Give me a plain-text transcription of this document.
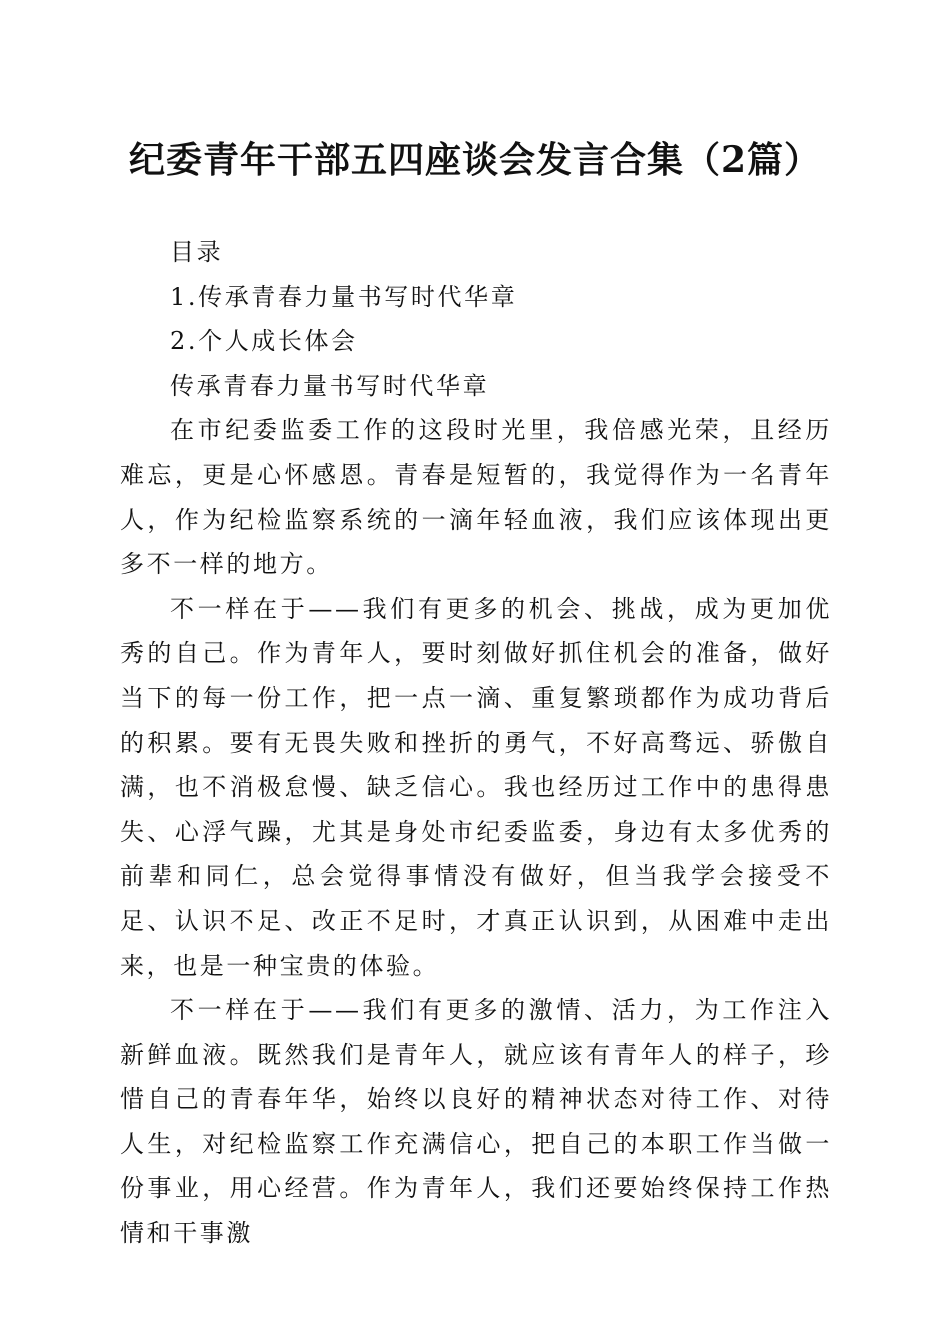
纪委青年干部五四座谈会发言合集（2篇）

目录

1.传承青春力量书写时代华章

2.个人成长体会

传承青春力量书写时代华章

在市纪委监委工作的这段时光里，我倍感光荣，且经历难忘，更是心怀感恩。青春是短暂的，我觉得作为一名青年人，作为纪检监察系统的一滴年轻血液，我们应该体现出更多不一样的地方。

不一样在于——我们有更多的机会、挑战，成为更加优秀的自己。作为青年人，要时刻做好抓住机会的准备，做好当下的每一份工作，把一点一滴、重复繁琐都作为成功背后的积累。要有无畏失败和挫折的勇气，不好高骛远、骄傲自满，也不消极怠慢、缺乏信心。我也经历过工作中的患得患失、心浮气躁，尤其是身处市纪委监委，身边有太多优秀的前辈和同仁，总会觉得事情没有做好，但当我学会接受不足、认识不足、改正不足时，才真正认识到，从困难中走出来，也是一种宝贵的体验。

不一样在于——我们有更多的激情、活力，为工作注入新鲜血液。既然我们是青年人，就应该有青年人的样子，珍惜自己的青春年华，始终以良好的精神状态对待工作、对待人生，对纪检监察工作充满信心，把自己的本职工作当做一份事业，用心经营。作为青年人，我们还要始终保持工作热情和干事激
